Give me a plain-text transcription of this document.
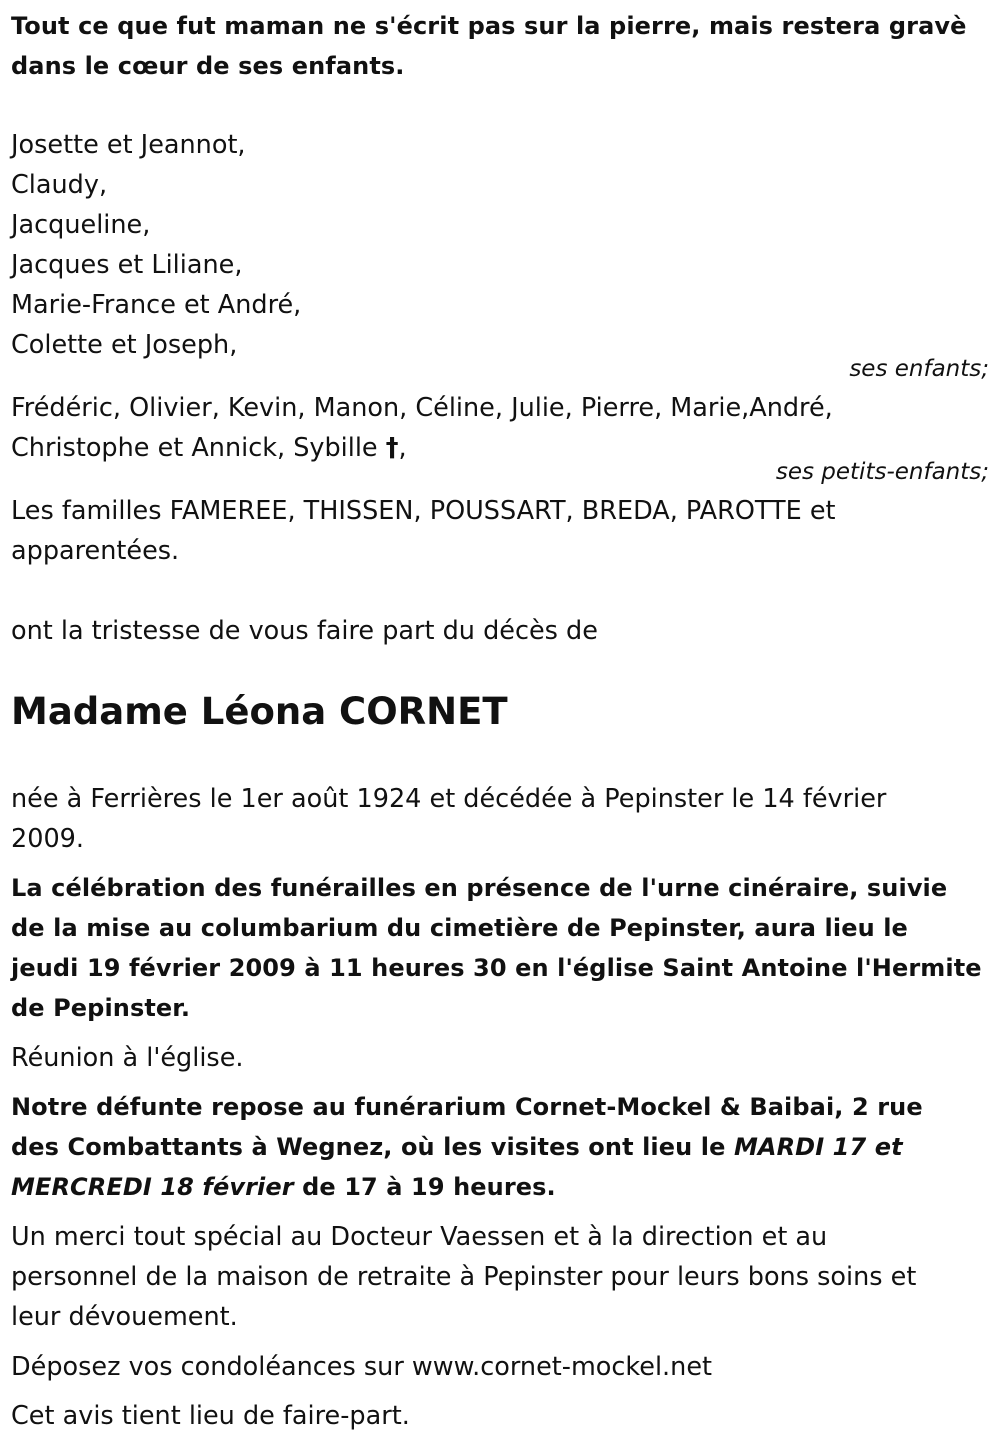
Tout ce que fut maman ne s'écrit pas sur la pierre, mais restera gravè
dans le cœur de ses enfants.
Josette et Jeannot,
Claudy,
Jacqueline,
Jacques et Liliane,
Marie-France et André,
Colette et Joseph,
ses enfants;
Frédéric, Olivier, Kevin, Manon, Céline, Julie, Pierre, Marie,André,
Christophe et Annick, Sybille †,
ses petits-enfants;
Les familles FAMEREE, THISSEN, POUSSART, BREDA, PAROTTE et
apparentées.
ont la tristesse de vous faire part du décès de
Madame Léona CORNET
née à Ferrières le 1er août 1924 et décédée à Pepinster le 14 février
2009.
La célébration des funérailles en présence de l'urne cinéraire, suivie
de la mise au columbarium du cimetière de Pepinster, aura lieu le
jeudi 19 février 2009 à 11 heures 30 en l'église Saint Antoine l'Hermite
de Pepinster.
Réunion à l'église.
Notre défunte repose au funérarium Cornet-Mockel & Baibai, 2 rue
des Combattants à Wegnez, où les visites ont lieu le MARDI 17 et
MERCREDI 18 février de 17 à 19 heures.
Un merci tout spécial au Docteur Vaessen et à la direction et au
personnel de la maison de retraite à Pepinster pour leurs bons soins et
leur dévouement.
Déposez vos condoléances sur www.cornet-mockel.net
Cet avis tient lieu de faire-part.
